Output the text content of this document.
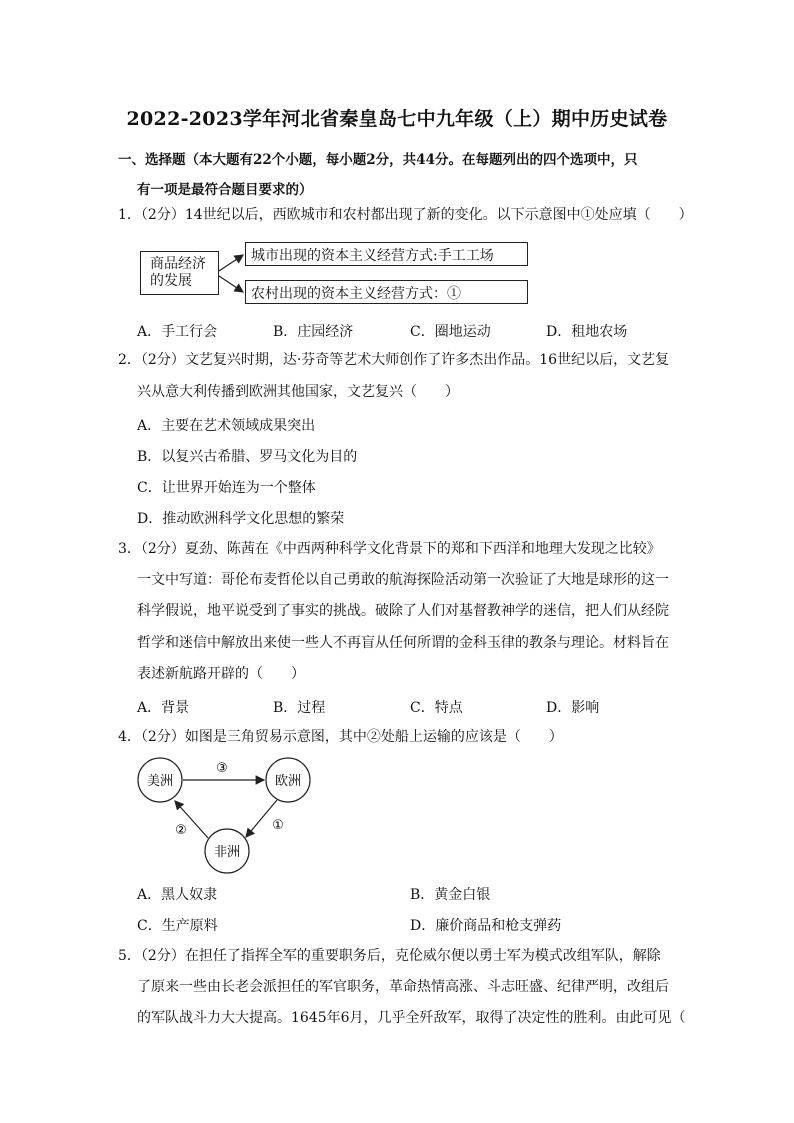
2022-2023学年河北省秦皇岛七中九年级（上）期中历史试卷
一、选择题（本大题有22个小题，每小题2分，共44分。在每题列出的四个选项中，只
有一项是最符合题目要求的）
1．（2分）14世纪以后，西欧城市和农村都出现了新的变化。以下示意图中①处应填（　　）
商品经济
的发展
城市出现的资本主义经营方式:手工工场
农村出现的资本主义经营方式：①
A．手工行会	B．庄园经济	C．圈地运动	D．租地农场
2．（2分）文艺复兴时期，达·芬奇等艺术大师创作了许多杰出作品。16世纪以后，文艺复
兴从意大利传播到欧洲其他国家，文艺复兴（　　）
A．主要在艺术领域成果突出
B．以复兴古希腊、罗马文化为目的
C．让世界开始连为一个整体
D．推动欧洲科学文化思想的繁荣
3．（2分）夏劲、陈茜在《中西两种科学文化背景下的郑和下西洋和地理大发现之比较》
一文中写道：哥伦布麦哲伦以自己勇敢的航海探险活动第一次验证了大地是球形的这一
科学假说，地平说受到了事实的挑战。破除了人们对基督教神学的迷信，把人们从经院
哲学和迷信中解放出来使一些人不再盲从任何所谓的金科玉律的教条与理论。材料旨在
表述新航路开辟的（　　）
A．背景	B．过程	C．特点	D．影响
4．（2分）如图是三角贸易示意图，其中②处船上运输的应该是（　　）
美洲	欧洲
非洲
③
①
②
A．黑人奴隶	B．黄金白银
C．生产原料	D．廉价商品和枪支弹药
5．（2分）在担任了指挥全军的重要职务后，克伦威尔便以勇士军为模式改组军队，解除
了原来一些由长老会派担任的军官职务，革命热情高涨、斗志旺盛、纪律严明，改组后
的军队战斗力大大提高。1645年6月，几乎全歼敌军，取得了决定性的胜利。由此可见（
